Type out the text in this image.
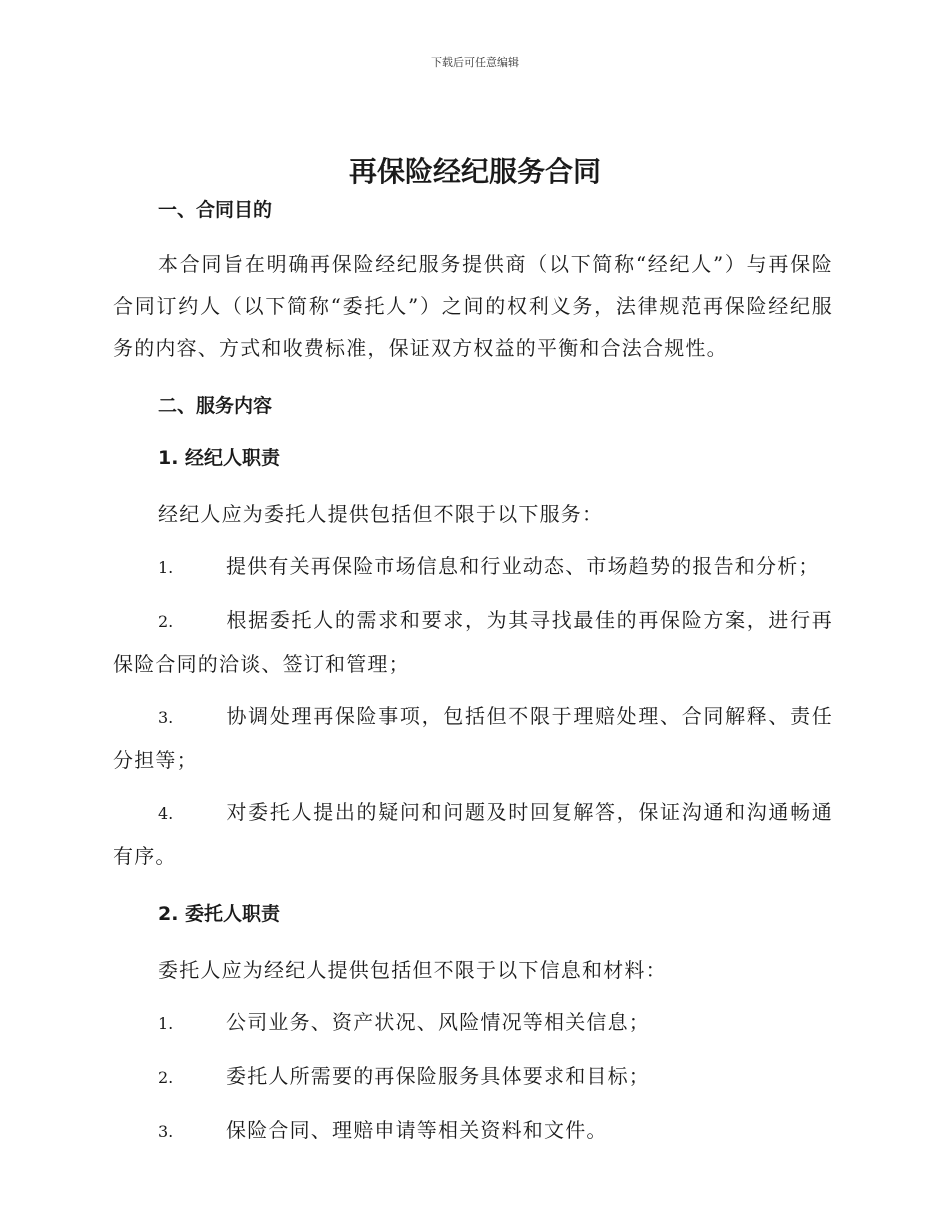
下载后可任意编辑
再保险经纪服务合同
一、合同目的
本合同旨在明确再保险经纪服务提供商（以下简称“经纪人”）与再保险合同订约人（以下简称“委托人”）之间的权利义务，法律规范再保险经纪服务的内容、方式和收费标准，保证双方权益的平衡和合法合规性。
二、服务内容
1. 经纪人职责
经纪人应为委托人提供包括但不限于以下服务：
1.	提供有关再保险市场信息和行业动态、市场趋势的报告和分析；
2.	根据委托人的需求和要求，为其寻找最佳的再保险方案，进行再保险合同的洽谈、签订和管理；
3.	协调处理再保险事项，包括但不限于理赔处理、合同解释、责任分担等；
4.	对委托人提出的疑问和问题及时回复解答，保证沟通和沟通畅通有序。
2. 委托人职责
委托人应为经纪人提供包括但不限于以下信息和材料：
1.	公司业务、资产状况、风险情况等相关信息；
2.	委托人所需要的再保险服务具体要求和目标；
3.	保险合同、理赔申请等相关资料和文件。
